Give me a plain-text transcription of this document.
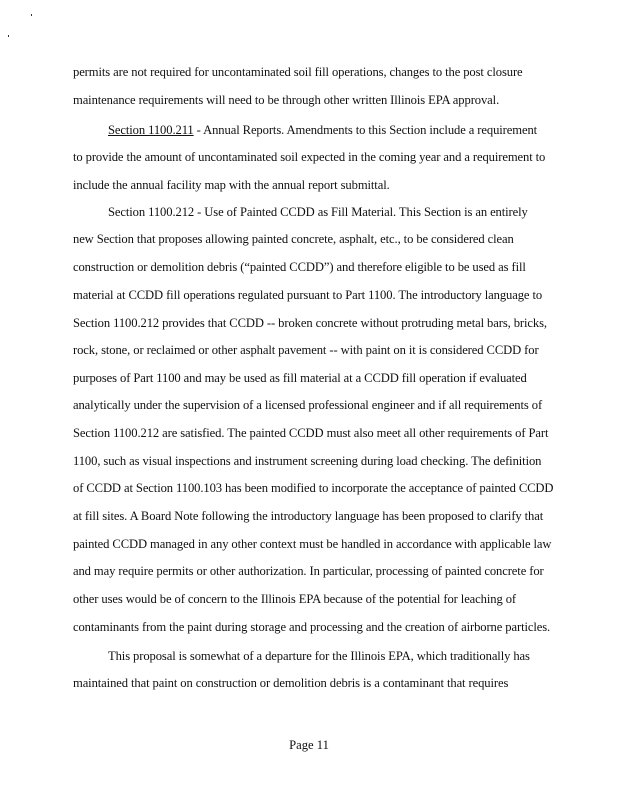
permits are not required for uncontaminated soil fill operations, changes to the post closure
maintenance requirements will need to be through other written Illinois EPA approval.
Section 1100.211 - Annual Reports. Amendments to this Section include a requirement
to provide the amount of uncontaminated soil expected in the coming year and a requirement to
include the annual facility map with the annual report submittal.
Section 1100.212 - Use of Painted CCDD as Fill Material. This Section is an entirely
new Section that proposes allowing painted concrete, asphalt, etc., to be considered clean
construction or demolition debris (“painted CCDD”) and therefore eligible to be used as fill
material at CCDD fill operations regulated pursuant to Part 1100. The introductory language to
Section 1100.212 provides that CCDD -- broken concrete without protruding metal bars, bricks,
rock, stone, or reclaimed or other asphalt pavement -- with paint on it is considered CCDD for
purposes of Part 1100 and may be used as fill material at a CCDD fill operation if evaluated
analytically under the supervision of a licensed professional engineer and if all requirements of
Section 1100.212 are satisfied. The painted CCDD must also meet all other requirements of Part
1100, such as visual inspections and instrument screening during load checking. The definition
of CCDD at Section 1100.103 has been modified to incorporate the acceptance of painted CCDD
at fill sites. A Board Note following the introductory language has been proposed to clarify that
painted CCDD managed in any other context must be handled in accordance with applicable law
and may require permits or other authorization. In particular, processing of painted concrete for
other uses would be of concern to the Illinois EPA because of the potential for leaching of
contaminants from the paint during storage and processing and the creation of airborne particles.
This proposal is somewhat of a departure for the Illinois EPA, which traditionally has
maintained that paint on construction or demolition debris is a contaminant that requires
Page 11
